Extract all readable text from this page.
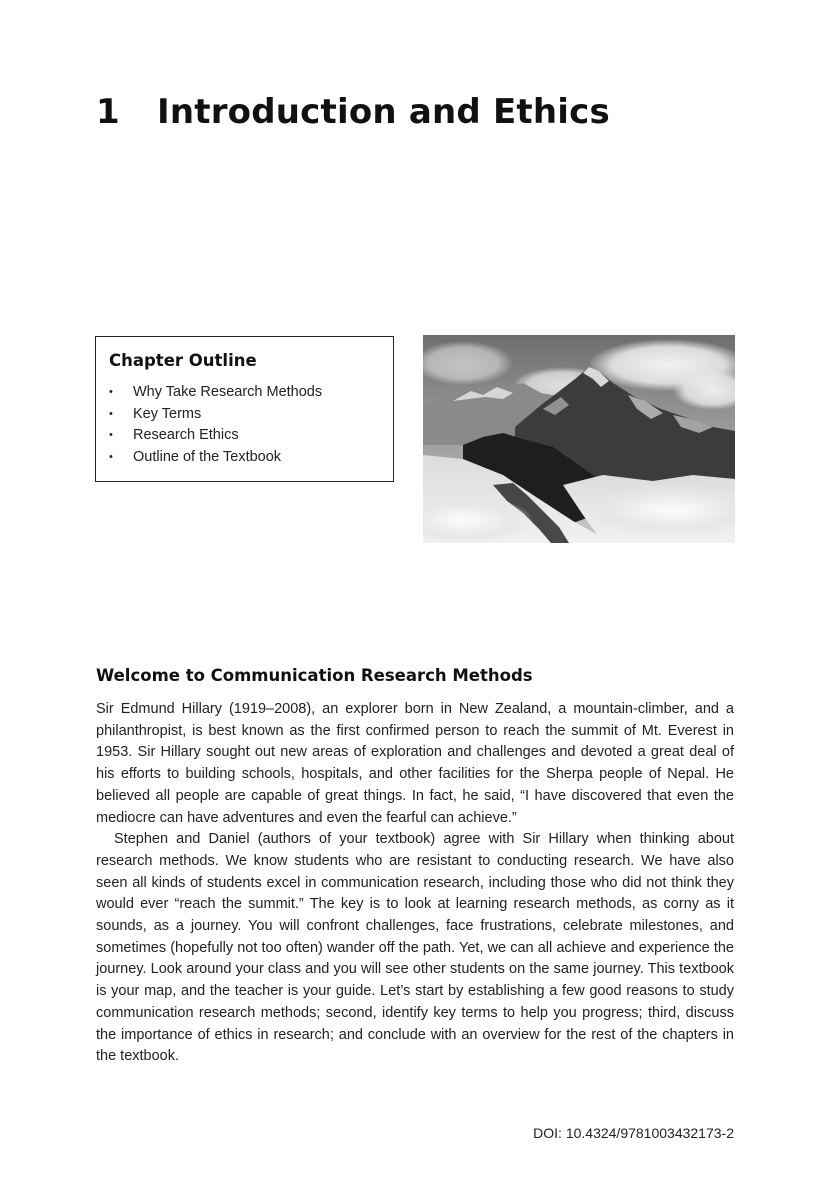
1 Introduction and Ethics
Chapter Outline
• Why Take Research Methods
• Key Terms
• Research Ethics
• Outline of the Textbook
Welcome to Communication Research Methods

Sir Edmund Hillary (1919–2008), an explorer born in New Zealand, a mountain-climber, and a philanthropist, is best known as the first confirmed person to reach the summit of Mt. Everest in 1953. Sir Hillary sought out new areas of exploration and challenges and devoted a great deal of his efforts to building schools, hospitals, and other facilities for the Sherpa people of Nepal. He believed all people are capable of great things. In fact, he said, “I have discovered that even the mediocre can have adventures and even the fearful can achieve.”

Stephen and Daniel (authors of your textbook) agree with Sir Hillary when thinking about research methods. We know students who are resistant to conducting research. We have also seen all kinds of students excel in communication research, including those who did not think they would ever “reach the summit.” The key is to look at learning research methods, as corny as it sounds, as a journey. You will confront challenges, face frustrations, celebrate milestones, and sometimes (hopefully not too often) wander off the path. Yet, we can all achieve and experience the journey. Look around your class and you will see other students on the same journey. This textbook is your map, and the teacher is your guide. Let’s start by establishing a few good reasons to study communication research methods; second, identify key terms to help you progress; third, discuss the importance of ethics in research; and conclude with an overview for the rest of the chapters in the textbook.

DOI: 10.4324/9781003432173-2
